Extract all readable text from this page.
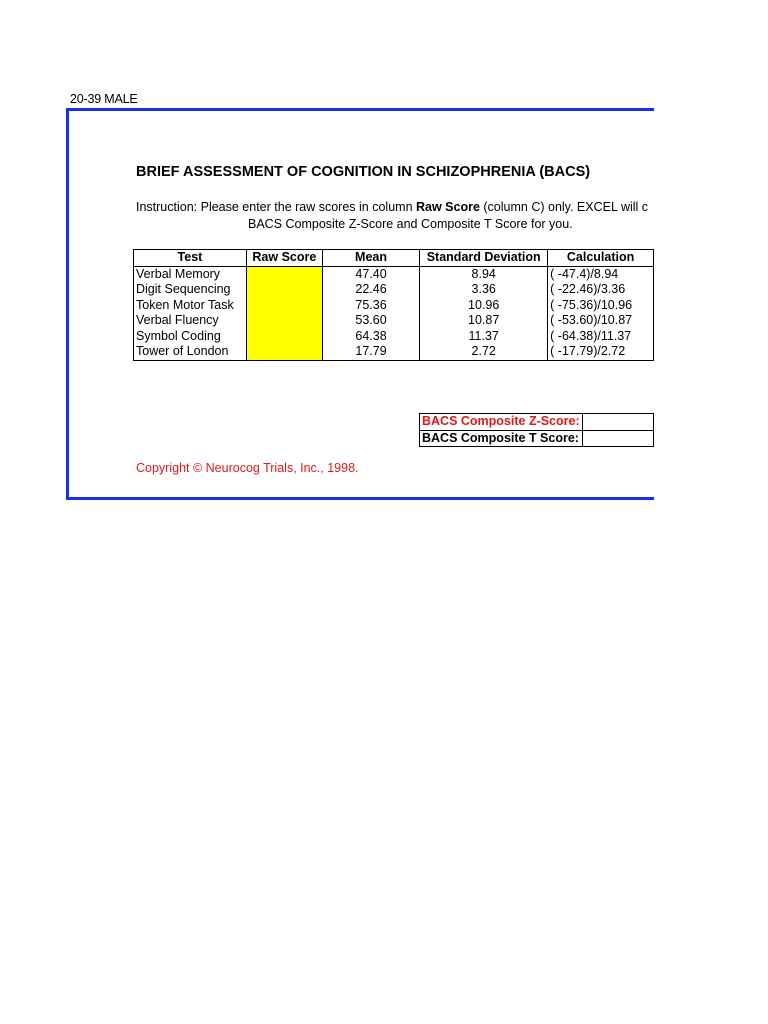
20-39 MALE
BRIEF ASSESSMENT OF COGNITION IN SCHIZOPHRENIA (BACS)
Instruction: Please enter the raw scores in column Raw Score (column C) only. EXCEL will c
BACS Composite Z-Score and Composite T Score for you.
Test	Raw Score	Mean	Standard Deviation	Calculation
Verbal Memory		47.40	8.94	( -47.4)/8.94
Digit Sequencing		22.46	3.36	( -22.46)/3.36
Token Motor Task		75.36	10.96	( -75.36)/10.96
Verbal Fluency		53.60	10.87	( -53.60)/10.87
Symbol Coding		64.38	11.37	( -64.38)/11.37
Tower of London		17.79	2.72	( -17.79)/2.72
BACS Composite Z-Score:	
BACS Composite T Score:	
Copyright © Neurocog Trials, Inc., 1998.
